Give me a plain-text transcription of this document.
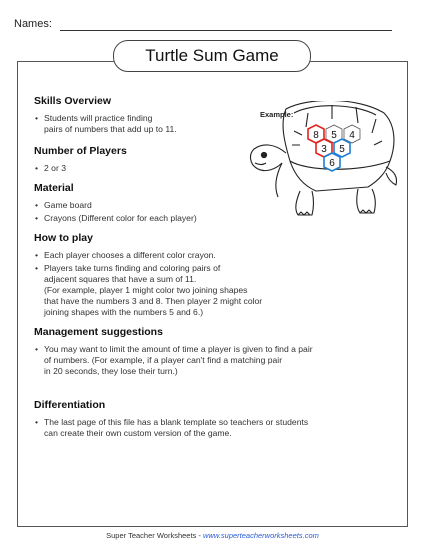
Names:
Turtle Sum Game
Skills Overview
• Students will practice finding
pairs of numbers that add up to 11.
Number of Players
• 2 or 3
Material
• Game board
• Crayons (Different color for each player)
How to play
• Each player chooses a different color crayon.
• Players take turns finding and coloring pairs of
adjacent squares that have a sum of 11.
(For example, player 1 might color two joining shapes
that have the numbers 3 and 8. Then player 2 might color
joining shapes with the numbers 5 and 6.)
Management suggestions
• You may want to limit the amount of time a player is given to find a pair
of numbers. (For example, if a player can't find a matching pair
in 20 seconds, they lose their turn.)
Differentiation
• The last page of this file has a blank template so teachers or students
can create their own custom version of the game.
Example:
8 5 4
3 5
6
Super Teacher Worksheets - www.superteacherworksheets.com
